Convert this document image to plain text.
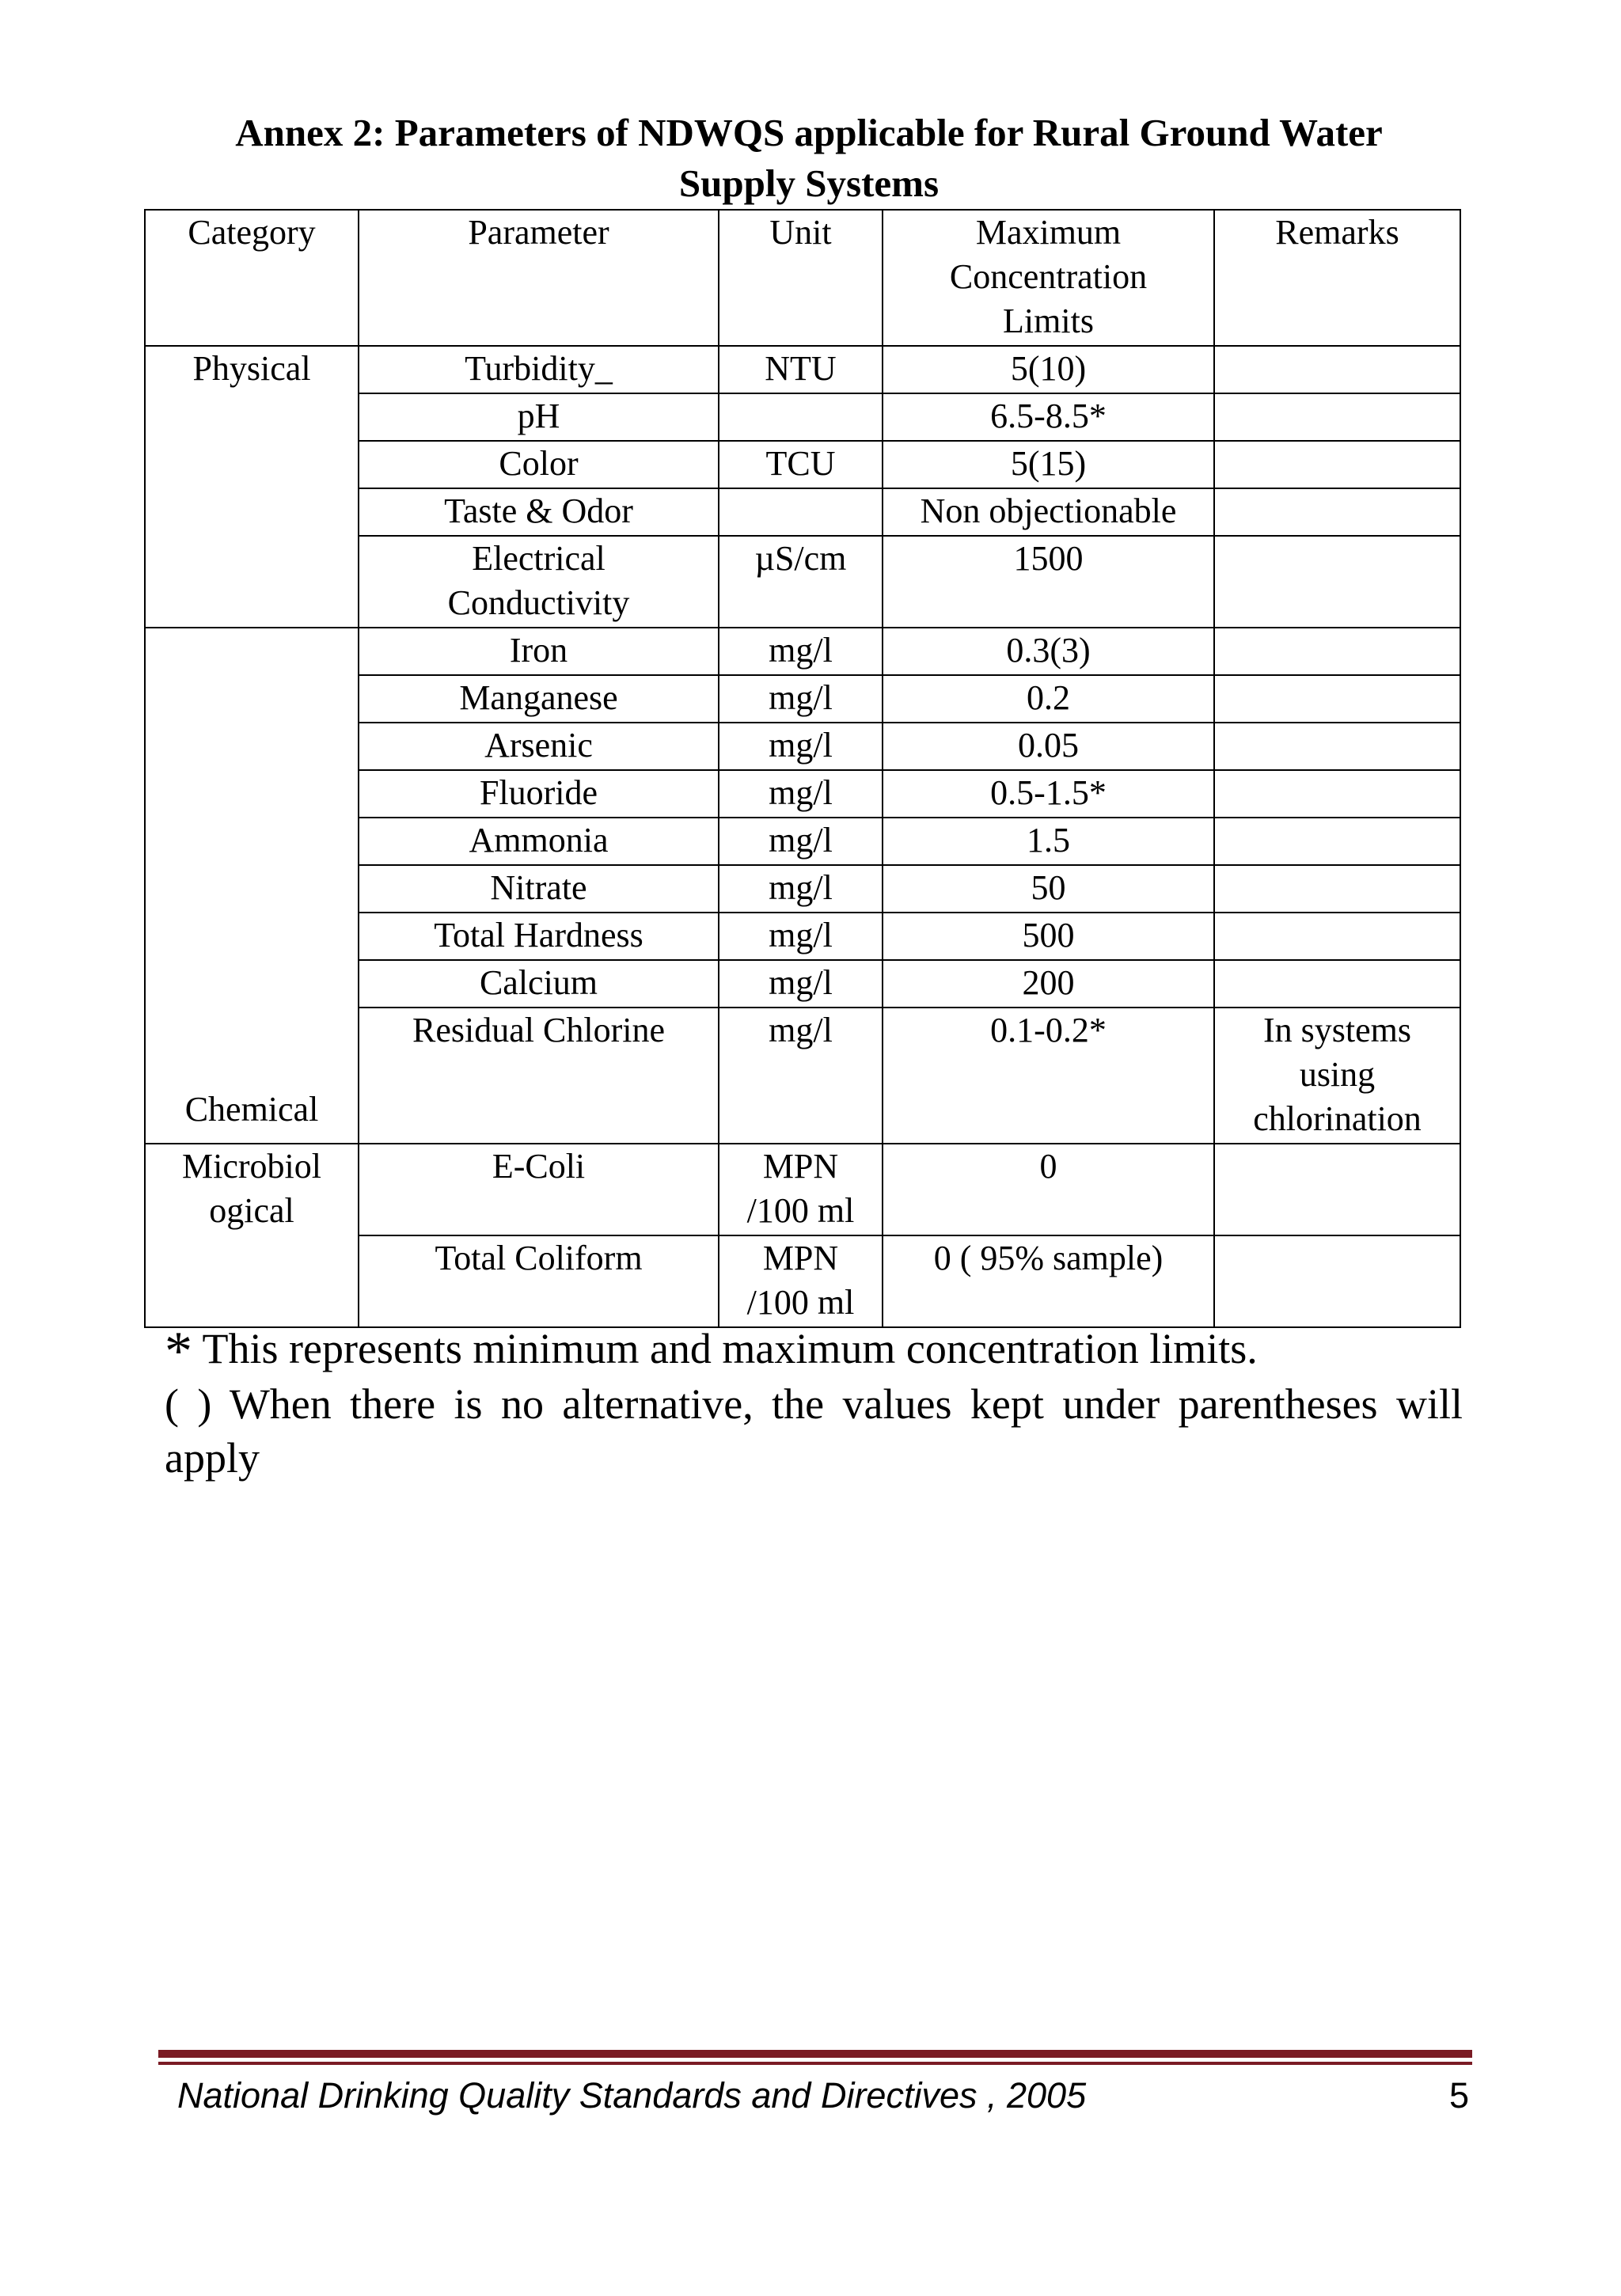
Annex 2: Parameters of NDWQS applicable for Rural Ground Water
Supply Systems
Category	Parameter	Unit	Maximum
Concentration
Limits	Remarks
Physical	Turbidity_	NTU	5(10)	

	pH		6.5-8.5*	

	Color	TCU	5(15)	

	Taste & Odor		Non objectionable	

	Electrical
Conductivity	µS/cm	1500	

Chemical	Iron	mg/l	0.3(3)	

	Manganese	mg/l	0.2	

	Arsenic	mg/l	0.05	

	Fluoride	mg/l	0.5-1.5*	

	Ammonia	mg/l	1.5	

	Nitrate	mg/l	50	

	Total Hardness	mg/l	500	

	Calcium	mg/l	200	

	Residual Chlorine	mg/l	0.1-0.2*	In systems
using
chlorination

Microbiol
ogical	E-Coli	MPN
/100 ml	0	

	Total Coliform	MPN
/100 ml	0 ( 95% sample)	

* This represents minimum and maximum concentration limits.

( ) When there is no alternative, the values kept under parentheses will apply

National Drinking Quality Standards and Directives , 2005	5
